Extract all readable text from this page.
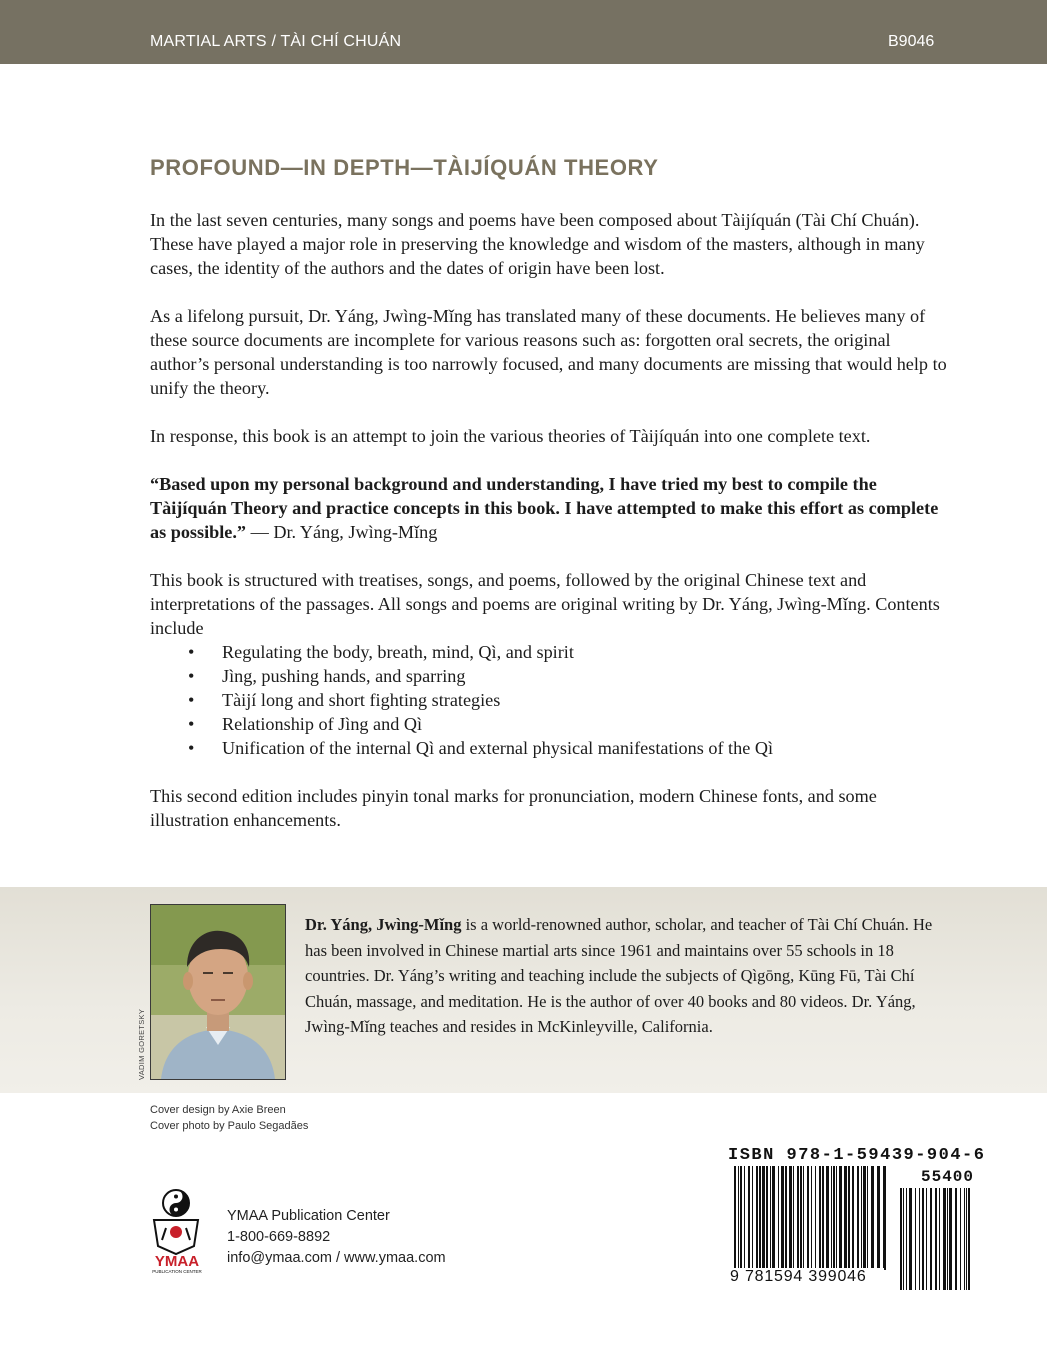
MARTIAL ARTS / TÀI CHÍ CHUÁN	B9046
PROFOUND—IN DEPTH—TÀIJÍQUÁN THEORY

In the last seven centuries, many songs and poems have been composed about Tàijíquán (Tài Chí Chuán). These have played a major role in preserving the knowledge and wisdom of the masters, although in many cases, the identity of the authors and the dates of origin have been lost.

As a lifelong pursuit, Dr. Yáng, Jwìng-Mǐng has translated many of these documents. He believes many of these source documents are incomplete for various reasons such as: forgotten oral secrets, the original author’s personal understanding is too narrowly focused, and many documents are missing that would help to unify the theory.

In response, this book is an attempt to join the various theories of Tàijíquán into one complete text.

“Based upon my personal background and understanding, I have tried my best to compile the Tàijíquán Theory and practice concepts in this book. I have attempted to make this effort as complete as possible.” — Dr. Yáng, Jwìng-Mǐng

This book is structured with treatises, songs, and poems, followed by the original Chinese text and interpretations of the passages. All songs and poems are original writing by Dr. Yáng, Jwìng-Mǐng. Contents include

• Regulating the body, breath, mind, Qì, and spirit
• Jìng, pushing hands, and sparring
• Tàijí long and short fighting strategies
• Relationship of Jìng and Qì
• Unification of the internal Qì and external physical manifestations of the Qì

This second edition includes pinyin tonal marks for pronunciation, modern Chinese fonts, and some illustration enhancements.

VADIM GORETSKY

Dr. Yáng, Jwìng-Mǐng is a world-renowned author, scholar, and teacher of Tài Chí Chuán. He has been involved in Chinese martial arts since 1961 and maintains over 55 schools in 18 countries. Dr. Yáng’s writing and teaching include the subjects of Qìgōng, Kūng Fū, Tài Chí Chuán, massage, and meditation. He is the author of over 40 books and 80 videos. Dr. Yáng, Jwìng-Mǐng teaches and resides in McKinleyville, California.

Cover design by Axie Breen
Cover photo by Paulo Segadães
YMAA
PUBLICATION CENTER
YMAA Publication Center
1-800-669-8892
info@ymaa.com / www.ymaa.com
ISBN 978-1-59439-904-6
55400
9 781594 399046
